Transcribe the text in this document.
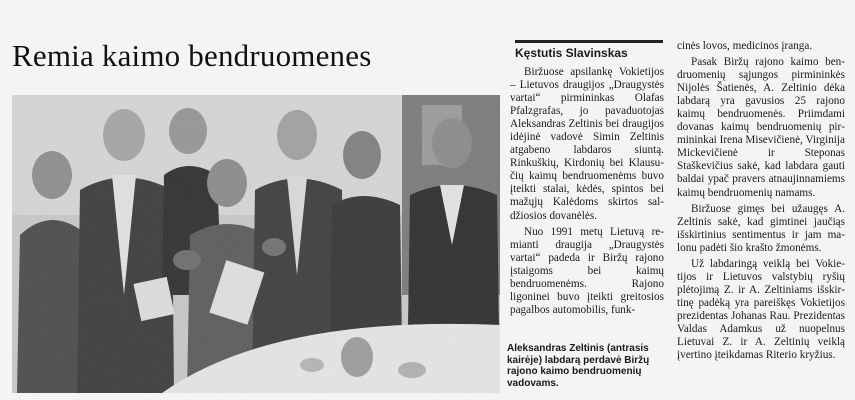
Remia kaimo bendruomenes	Kęstutis Slavinskas

Biržuose apsilankę Vokietijos – Lietuvos draugijos „Draugystės vartai“ pirmininkas Olafas Pfalzgrafas, jo pavaduotojas Aleksandras Zeltinis bei draugijos idėjinė vadovė Simin Zeltinis atgabeno labdaros siuntą. Rinkuškių, Kirdonių bei Klausučių kaimų bendruomenėms buvo įteikti stalai, kėdės, spintos bei mažųjų Kalėdoms skirtos saldžiosios dovanėlės.

Nuo 1991 metų Lietuvą remianti draugija „Draugystės vartai“ padeda ir Biržų rajono įstaigoms bei kaimų bendruomenėms. Rajono ligoninei buvo įteikti greitosios pagalbos automobilis, funk-

Aleksandras Zeltinis (antrasis
kairėje) labdarą perdavė Biržų
rajono kaimo bendruomenių
vadovams.

cinės lovos, medicinos įranga.

Pasak Biržų rajono kaimo bendruomenių sąjungos pirmininkės Nijolės Šatienės, A. Zeltinio dėka labdarą yra gavusios 25 rajono kaimų bendruomenės. Priimdami dovanas kaimų bendruomenių pirmininkai Irena Misevičienė, Virginija Mickevičienė ir Steponas Staškevičius sakė, kad labdara gauti baldai ypač pravers atnaujinnamiems kaimų bendruomenių namams.

Biržuose gimęs bei užaugęs A. Zeltinis sakė, kad gimtinei jaučiąs išskirtinius sentimentus ir jam malonu padėti šio krašto žmonėms.

Už labdaringą veiklą bei Vokietijos ir Lietuvos valstybių ryšių plėtojimą Z. ir A. Zeltiniams išskirtinę padėką yra pareiškęs Vokietijos prezidentas Johanas Rau. Prezidentas Valdas Adamkus už nuopelnus Lietuvai Z. ir A. Zeltinių veiklą įvertino įteikdamas Riterio kryžius.
